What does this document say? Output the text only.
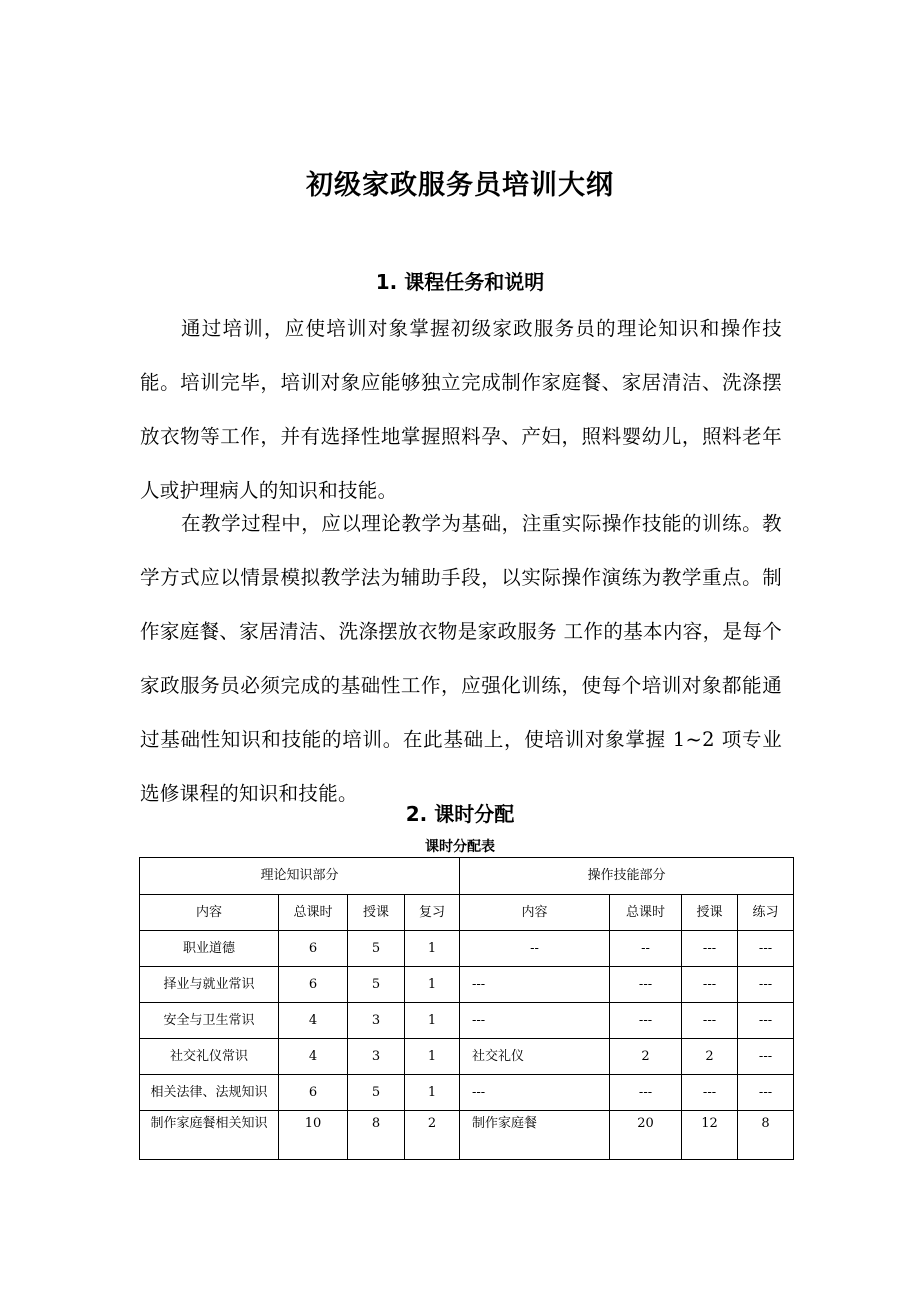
初级家政服务员培训大纲
1. 课程任务和说明

通过培训，应使培训对象掌握初级家政服务员的理论知识和操作技能。培训完毕，培训对象应能够独立完成制作家庭餐、家居清洁、洗涤摆放衣物等工作，并有选择性地掌握照料孕、产妇，照料婴幼儿，照料老年人或护理病人的知识和技能。

在教学过程中，应以理论教学为基础，注重实际操作技能的训练。教学方式应以情景模拟教学法为辅助手段，以实际操作演练为教学重点。制作家庭餐、家居清洁、洗涤摆放衣物是家政服务 工作的基本内容，是每个家政服务员必须完成的基础性工作，应强化训练，使每个培训对象都能通过基础性知识和技能的培训。在此基础上，使培训对象掌握 1~2 项专业选修课程的知识和技能。

2. 课时分配
课时分配表
理论知识部分				操作技能部分			
内容	总课时	授课	复习	内容	总课时	授课	练习
职业道德	6	5	1	--	--	---	---
择业与就业常识	6	5	1	---	---	---	---
安全与卫生常识	4	3	1	---	---	---	---
社交礼仪常识	4	3	1	社交礼仪	2	2	---
相关法律、法规知识	6	5	1	---	---	---	---
制作家庭餐相关知识	10	8	2	制作家庭餐	20	12	8
